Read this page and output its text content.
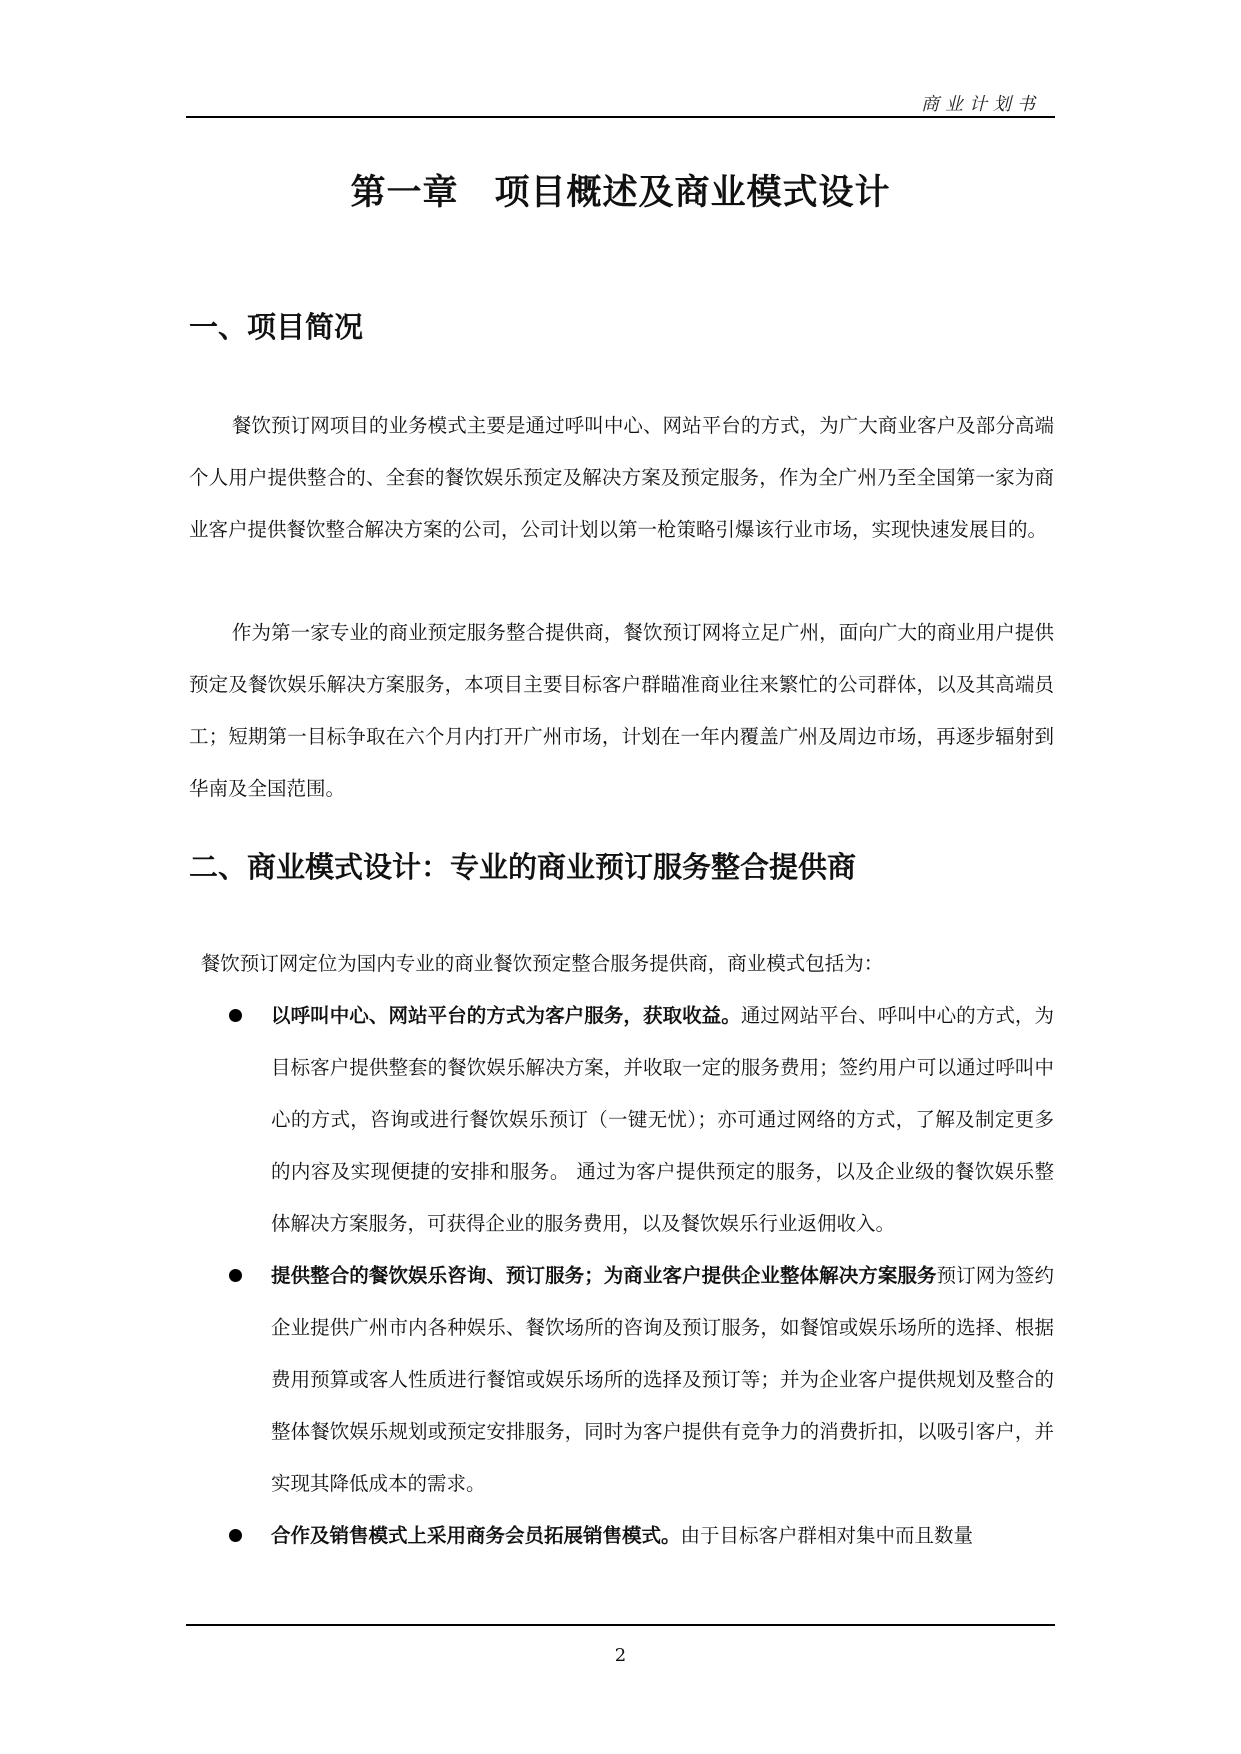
商业计划书
第一章　项目概述及商业模式设计
一、项目简况

餐饮预订网项目的业务模式主要是通过呼叫中心、网站平台的方式，为广大商业客户及部分高端个人用户提供整合的、全套的餐饮娱乐预定及解决方案及预定服务，作为全广州乃至全国第一家为商业客户提供餐饮整合解决方案的公司，公司计划以第一枪策略引爆该行业市场，实现快速发展目的。

作为第一家专业的商业预定服务整合提供商，餐饮预订网将立足广州，面向广大的商业用户提供预定及餐饮娱乐解决方案服务，本项目主要目标客户群瞄准商业往来繁忙的公司群体，以及其高端员工；短期第一目标争取在六个月内打开广州市场，计划在一年内覆盖广州及周边市场，再逐步辐射到华南及全国范围。

二、商业模式设计：专业的商业预订服务整合提供商

餐饮预订网定位为国内专业的商业餐饮预定整合服务提供商，商业模式包括为：

以呼叫中心、网站平台的方式为客户服务，获取收益。通过网站平台、呼叫中心的方式，为目标客户提供整套的餐饮娱乐解决方案，并收取一定的服务费用；签约用户可以通过呼叫中心的方式，咨询或进行餐饮娱乐预订（一键无忧）；亦可通过网络的方式，了解及制定更多的内容及实现便捷的安排和服务。 通过为客户提供预定的服务，以及企业级的餐饮娱乐整体解决方案服务，可获得企业的服务费用，以及餐饮娱乐行业返佣收入。
提供整合的餐饮娱乐咨询、预订服务；为商业客户提供企业整体解决方案服务预订网为签约企业提供广州市内各种娱乐、餐饮场所的咨询及预订服务，如餐馆或娱乐场所的选择、根据费用预算或客人性质进行餐馆或娱乐场所的选择及预订等；并为企业客户提供规划及整合的整体餐饮娱乐规划或预定安排服务，同时为客户提供有竞争力的消费折扣，以吸引客户，并实现其降低成本的需求。
合作及销售模式上采用商务会员拓展销售模式。由于目标客户群相对集中而且数量
2
